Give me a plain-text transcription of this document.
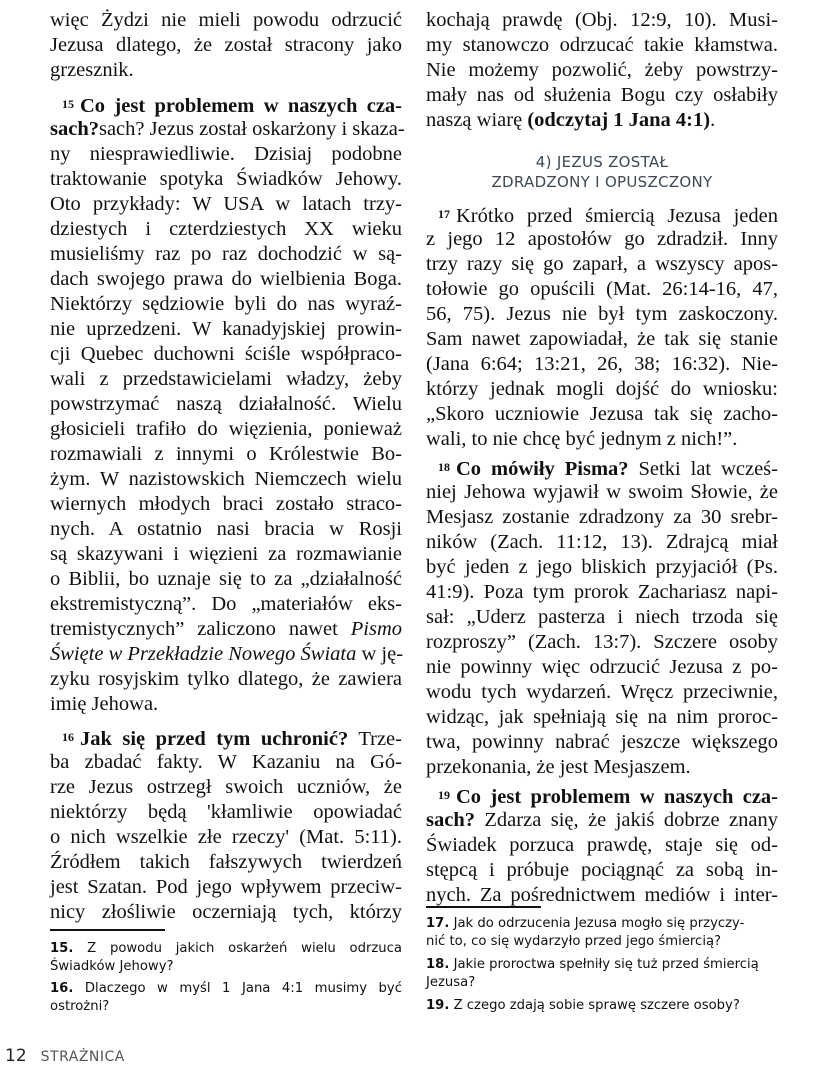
więc Żydzi nie mieli powodu odrzucić
Jezusa dlatego, że został stracony jako
grzesznik.
15 Co jest problemem w naszych cza-
sach?sach? Jezus został oskarżony i skaza-
ny niesprawiedliwie. Dzisiaj podobne
traktowanie spotyka Świadków Jehowy.
Oto przykłady: W USA w latach trzy-
dziestych i czterdziestych XX wieku
musieliśmy raz po raz dochodzić w są-
dach swojego prawa do wielbienia Boga.
Niektórzy sędziowie byli do nas wyraź-
nie uprzedzeni. W kanadyjskiej prowin-
cji Quebec duchowni ściśle współpraco-
wali z przedstawicielami władzy, żeby
powstrzymać naszą działalność. Wielu
głosicieli trafiło do więzienia, ponieważ
rozmawiali z innymi o Królestwie Bo-
żym. W nazistowskich Niemczech wielu
wiernych młodych braci zostało straco-
nych. A ostatnio nasi bracia w Rosji
są skazywani i więzieni za rozmawianie
o Biblii, bo uznaje się to za „działalność
ekstremistyczną”. Do „materiałów eks-
tremistycznych” zaliczono nawet Pismo
Święte w Przekładzie Nowego Świata w ję-
zyku rosyjskim tylko dlatego, że zawiera
imię Jehowa.
16 Jak się przed tym uchronić? Trze-
ba zbadać fakty. W Kazaniu na Gó-
rze Jezus ostrzegł swoich uczniów, że
niektórzy będą 'kłamliwie opowiadać
o nich wszelkie złe rzeczy' (Mat. 5:11).
Źródłem takich fałszywych twierdzeń
jest Szatan. Pod jego wpływem przeciw-
nicy złośliwie oczerniają tych, którzy
15. Z powodu jakich oskarżeń wielu odrzuca
Świadków Jehowy?
16. Dlaczego w myśl 1 Jana 4:1 musimy być
ostrożni?
kochają prawdę (Obj. 12:9, 10). Musi-
my stanowczo odrzucać takie kłamstwa.
Nie możemy pozwolić, żeby powstrzy-
mały nas od służenia Bogu czy osłabiły
naszą wiarę (odczytaj 1 Jana 4:1).
4) JEZUS ZOSTAŁ
ZDRADZONY I OPUSZCZONY
17 Krótko przed śmiercią Jezusa jeden
z jego 12 apostołów go zdradził. Inny
trzy razy się go zaparł, a wszyscy apos-
tołowie go opuścili (Mat. 26:14-16, 47,
56, 75). Jezus nie był tym zaskoczony.
Sam nawet zapowiadał, że tak się stanie
(Jana 6:64; 13:21, 26, 38; 16:32). Nie-
którzy jednak mogli dojść do wniosku:
„Skoro uczniowie Jezusa tak się zacho-
wali, to nie chcę być jednym z nich!”.
18 Co mówiły Pisma? Setki lat wcześ-
niej Jehowa wyjawił w swoim Słowie, że
Mesjasz zostanie zdradzony za 30 srebr-
ników (Zach. 11:12, 13). Zdrajcą miał
być jeden z jego bliskich przyjaciół (Ps.
41:9). Poza tym prorok Zachariasz napi-
sał: „Uderz pasterza i niech trzoda się
rozproszy” (Zach. 13:7). Szczere osoby
nie powinny więc odrzucić Jezusa z po-
wodu tych wydarzeń. Wręcz przeciwnie,
widząc, jak spełniają się na nim proroc-
twa, powinny nabrać jeszcze większego
przekonania, że jest Mesjaszem.
19 Co jest problemem w naszych cza-
sach? Zdarza się, że jakiś dobrze znany
Świadek porzuca prawdę, staje się od-
stępcą i próbuje pociągnąć za sobą in-
nych. Za pośrednictwem mediów i inter-
17. Jak do odrzucenia Jezusa mogło się przyczy-
nić to, co się wydarzyło przed jego śmiercią?
18. Jakie proroctwa spełniły się tuż przed śmiercią
Jezusa?
19. Z czego zdają sobie sprawę szczere osoby?
12 STRAŻNICA
